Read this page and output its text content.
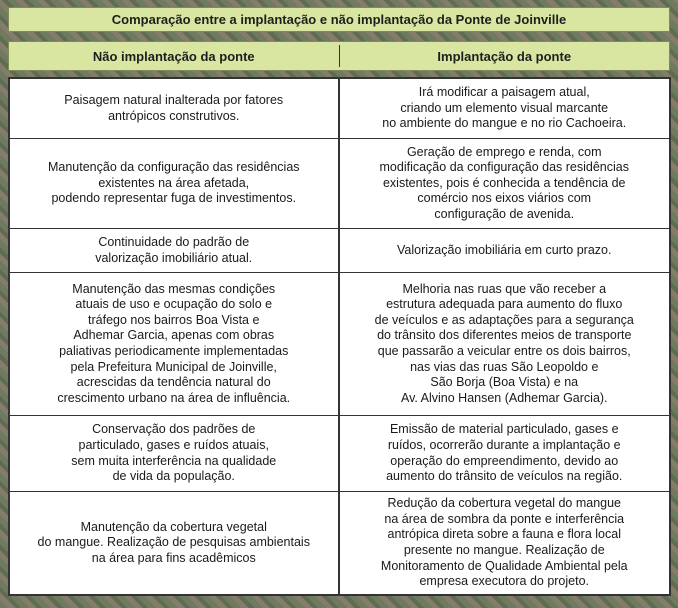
Comparação entre a implantação e não implantação da Ponte de Joinville
Não implantação da ponte	Implantação da ponte
Paisagem natural inalterada por fatores
antrópicos construtivos.
Irá modificar a paisagem atual,
criando um elemento visual marcante
no ambiente do mangue e no rio Cachoeira.
Manutenção da configuração das residências
existentes na área afetada,
podendo representar fuga de investimentos.
Geração de emprego e renda, com
modificação da configuração das residências
existentes, pois é conhecida a tendência de
comércio nos eixos viários com
configuração de avenida.
Continuidade do padrão de
valorização imobiliário atual.
Valorização imobiliária em curto prazo.
Manutenção das mesmas condições
atuais de uso e ocupação do solo e
tráfego nos bairros Boa Vista e
Adhemar Garcia, apenas com obras
paliativas periodicamente implementadas
pela Prefeitura Municipal de Joinville,
acrescidas da tendência natural do
crescimento urbano na área de influência.
Melhoria nas ruas que vão receber a
estrutura adequada para aumento do fluxo
de veículos e as adaptações para a segurança
do trânsito dos diferentes meios de transporte
que passarão a veicular entre os dois bairros,
nas vias das ruas São Leopoldo e
São Borja (Boa Vista) e na
Av. Alvino Hansen (Adhemar Garcia).
Conservação dos padrões de
particulado, gases e ruídos atuais,
sem muita interferência na qualidade
de vida da população.
Emissão de material particulado, gases e
ruídos, ocorrerão durante a implantação e
operação do empreendimento, devido ao
aumento do trânsito de veículos na região.
Manutenção da cobertura vegetal
do mangue. Realização de pesquisas ambientais
na área para fins acadêmicos
Redução da cobertura vegetal do mangue
na área de sombra da ponte e interferência
antrópica direta sobre a fauna e flora local
presente no mangue. Realização de
Monitoramento de Qualidade Ambiental pela
empresa executora do projeto.
